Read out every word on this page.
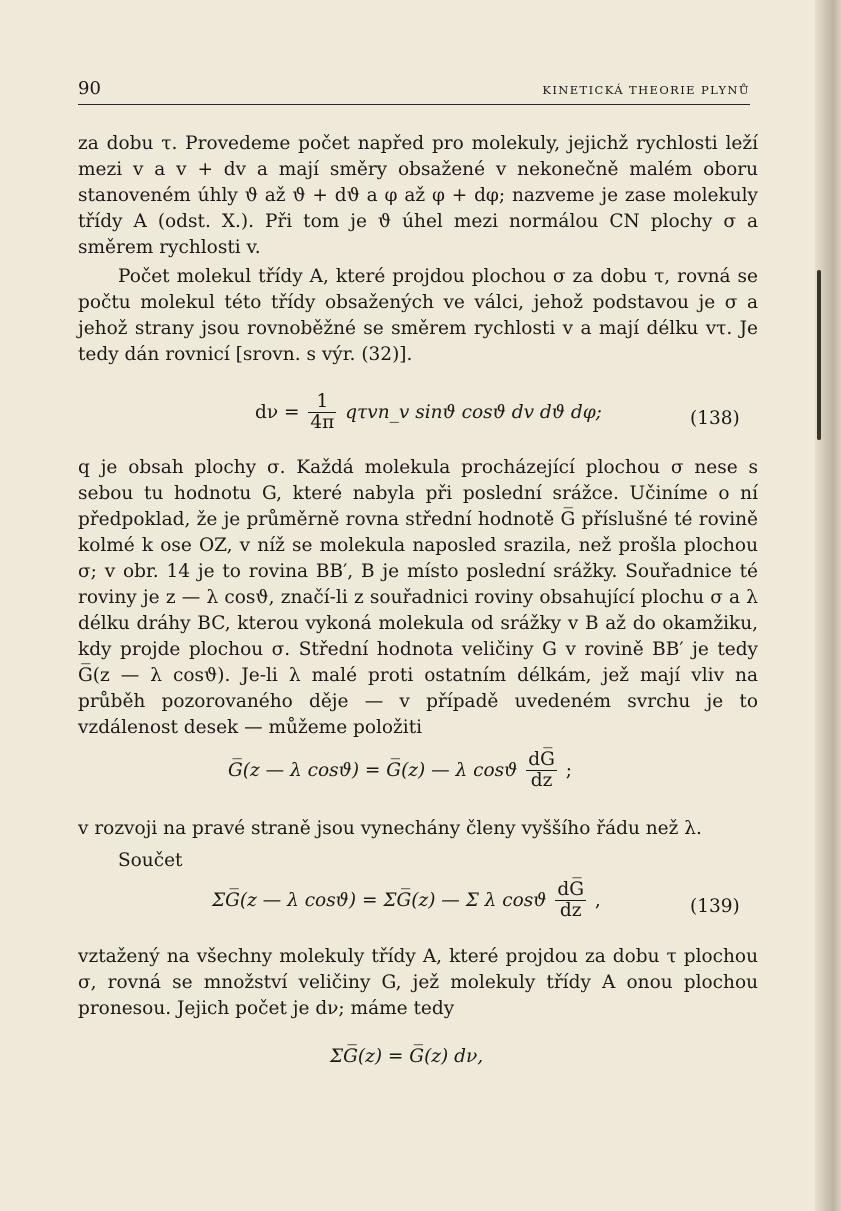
90	KINETICKÁ THEORIE PLYNŮ
za dobu τ. Provedeme počet napřed pro molekuly, jejichž rychlosti leží mezi v a v + dv a mají směry obsažené v nekonečně malém oboru stanoveném úhly ϑ až ϑ + dϑ a φ až φ + dφ; nazveme je zase molekuly třídy A (odst. X.). Při tom je ϑ úhel mezi normálou CN plochy σ a směrem rychlosti v.
Počet molekul třídy A, které projdou plochou σ za dobu τ, rovná se počtu molekul této třídy obsažených ve válci, jehož podstavou je σ a jehož strany jsou rovnoběžné se směrem rychlosti v a mají délku vτ. Je tedy dán rovnicí [srovn. s výr. (32)].
$d\nu = \frac{1}{4\pi}$ qτvn_v sinϑ cosϑ dv dϑ dφ;	(138)
q je obsah plochy σ. Každá molekula procházející plochou σ nese s sebou tu hodnotu G, které nabyla při poslední srážce. Učiníme o ní předpoklad, že je průměrně rovna střední hodnotě G̅ příslušné té rovině kolmé k ose OZ, v níž se molekula naposled srazila, než prošla plochou σ; v obr. 14 je to rovina BB′, B je místo poslední srážky. Souřadnice té roviny je z — λ cosϑ, značí-li z souřadnici roviny obsahující plochu σ a λ délku dráhy BC, kterou vykoná molekula od srážky v B až do okamžiku, kdy projde plochou σ. Střední hodnota veličiny G v rovině BB′ je tedy G̅(z — λ cosϑ). Je-li λ malé proti ostatním délkám, jež mají vliv na průběh pozorovaného děje — v případě uvedeném svrchu je to vzdálenost desek — můžeme položiti
G̅(z — λ cosϑ) = G̅(z) — λ cosϑ $\frac{dG̅}{dz}$ ;
v rozvoji na pravé straně jsou vynechány členy vyššího řádu než λ.
Součet
ΣG̅(z — λ cosϑ) = ΣG̅(z) — Σ λ cosϑ $\frac{dG̅}{dz}$ ,	(139)
vztažený na všechny molekuly třídy A, které projdou za dobu τ plochou σ, rovná se množství veličiny G, jež molekuly třídy A onou plochou pronesou. Jejich počet je dν; máme tedy
ΣG̅(z) = G̅(z) dν,
